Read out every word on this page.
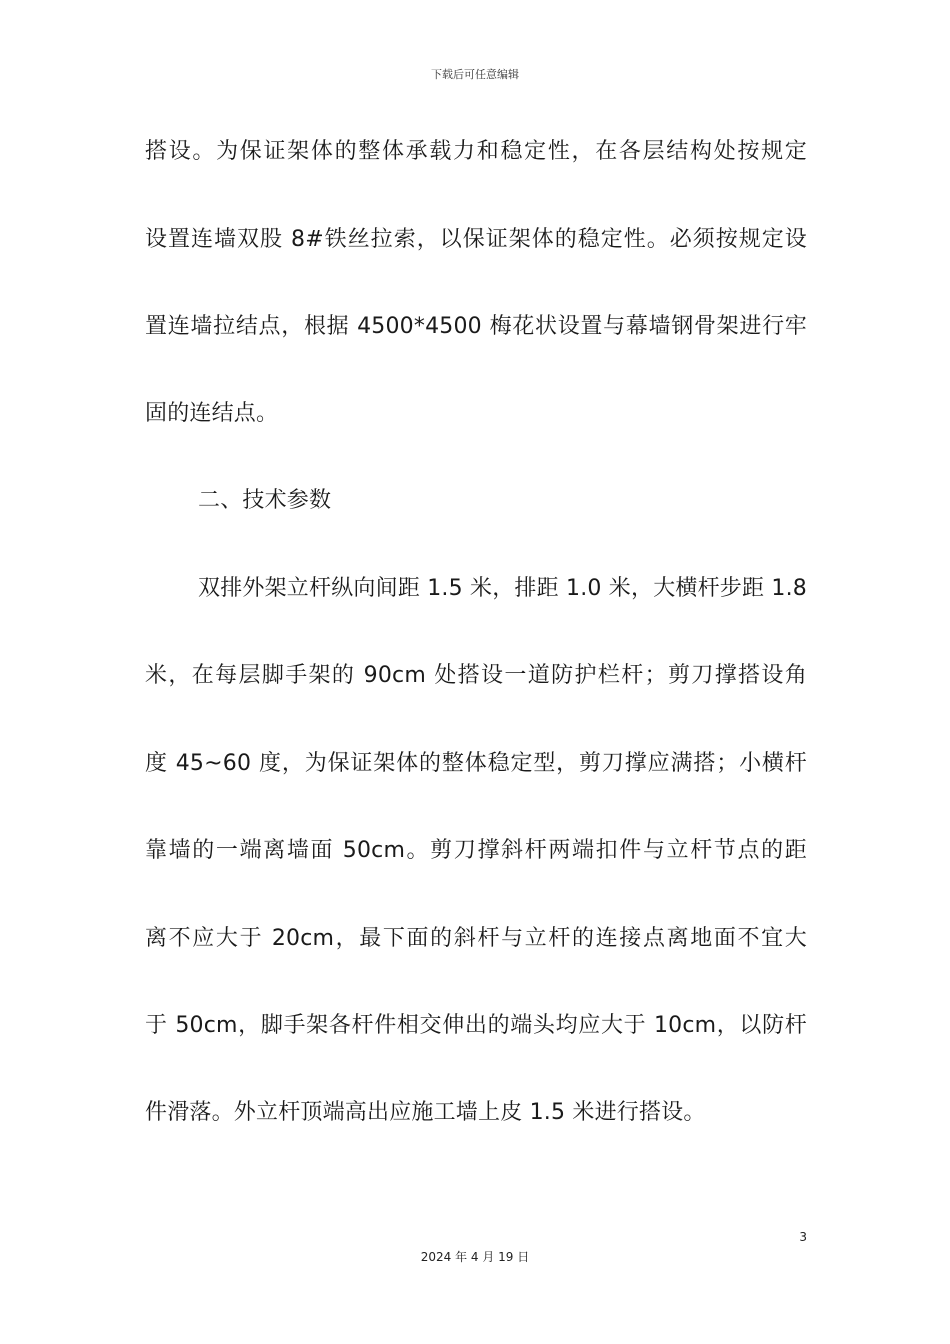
下载后可任意编辑
搭设。为保证架体的整体承载力和稳定性，在各层结构处按规定
设置连墙双股 8#铁丝拉索，以保证架体的稳定性。必须按规定设
置连墙拉结点，根据 4500*4500 梅花状设置与幕墙钢骨架进行牢
固的连结点。
二、技术参数
双排外架立杆纵向间距 1.5 米，排距 1.0 米，大横杆步距 1.8
米，在每层脚手架的 90cm 处搭设一道防护栏杆；剪刀撑搭设角
度 45~60 度，为保证架体的整体稳定型，剪刀撑应满搭；小横杆
靠墙的一端离墙面 50cm。剪刀撑斜杆两端扣件与立杆节点的距
离不应大于 20cm，最下面的斜杆与立杆的连接点离地面不宜大
于 50cm，脚手架各杆件相交伸出的端头均应大于 10cm，以防杆
件滑落。外立杆顶端高出应施工墙上皮 1.5 米进行搭设。
3
2024 年 4 月 19 日
